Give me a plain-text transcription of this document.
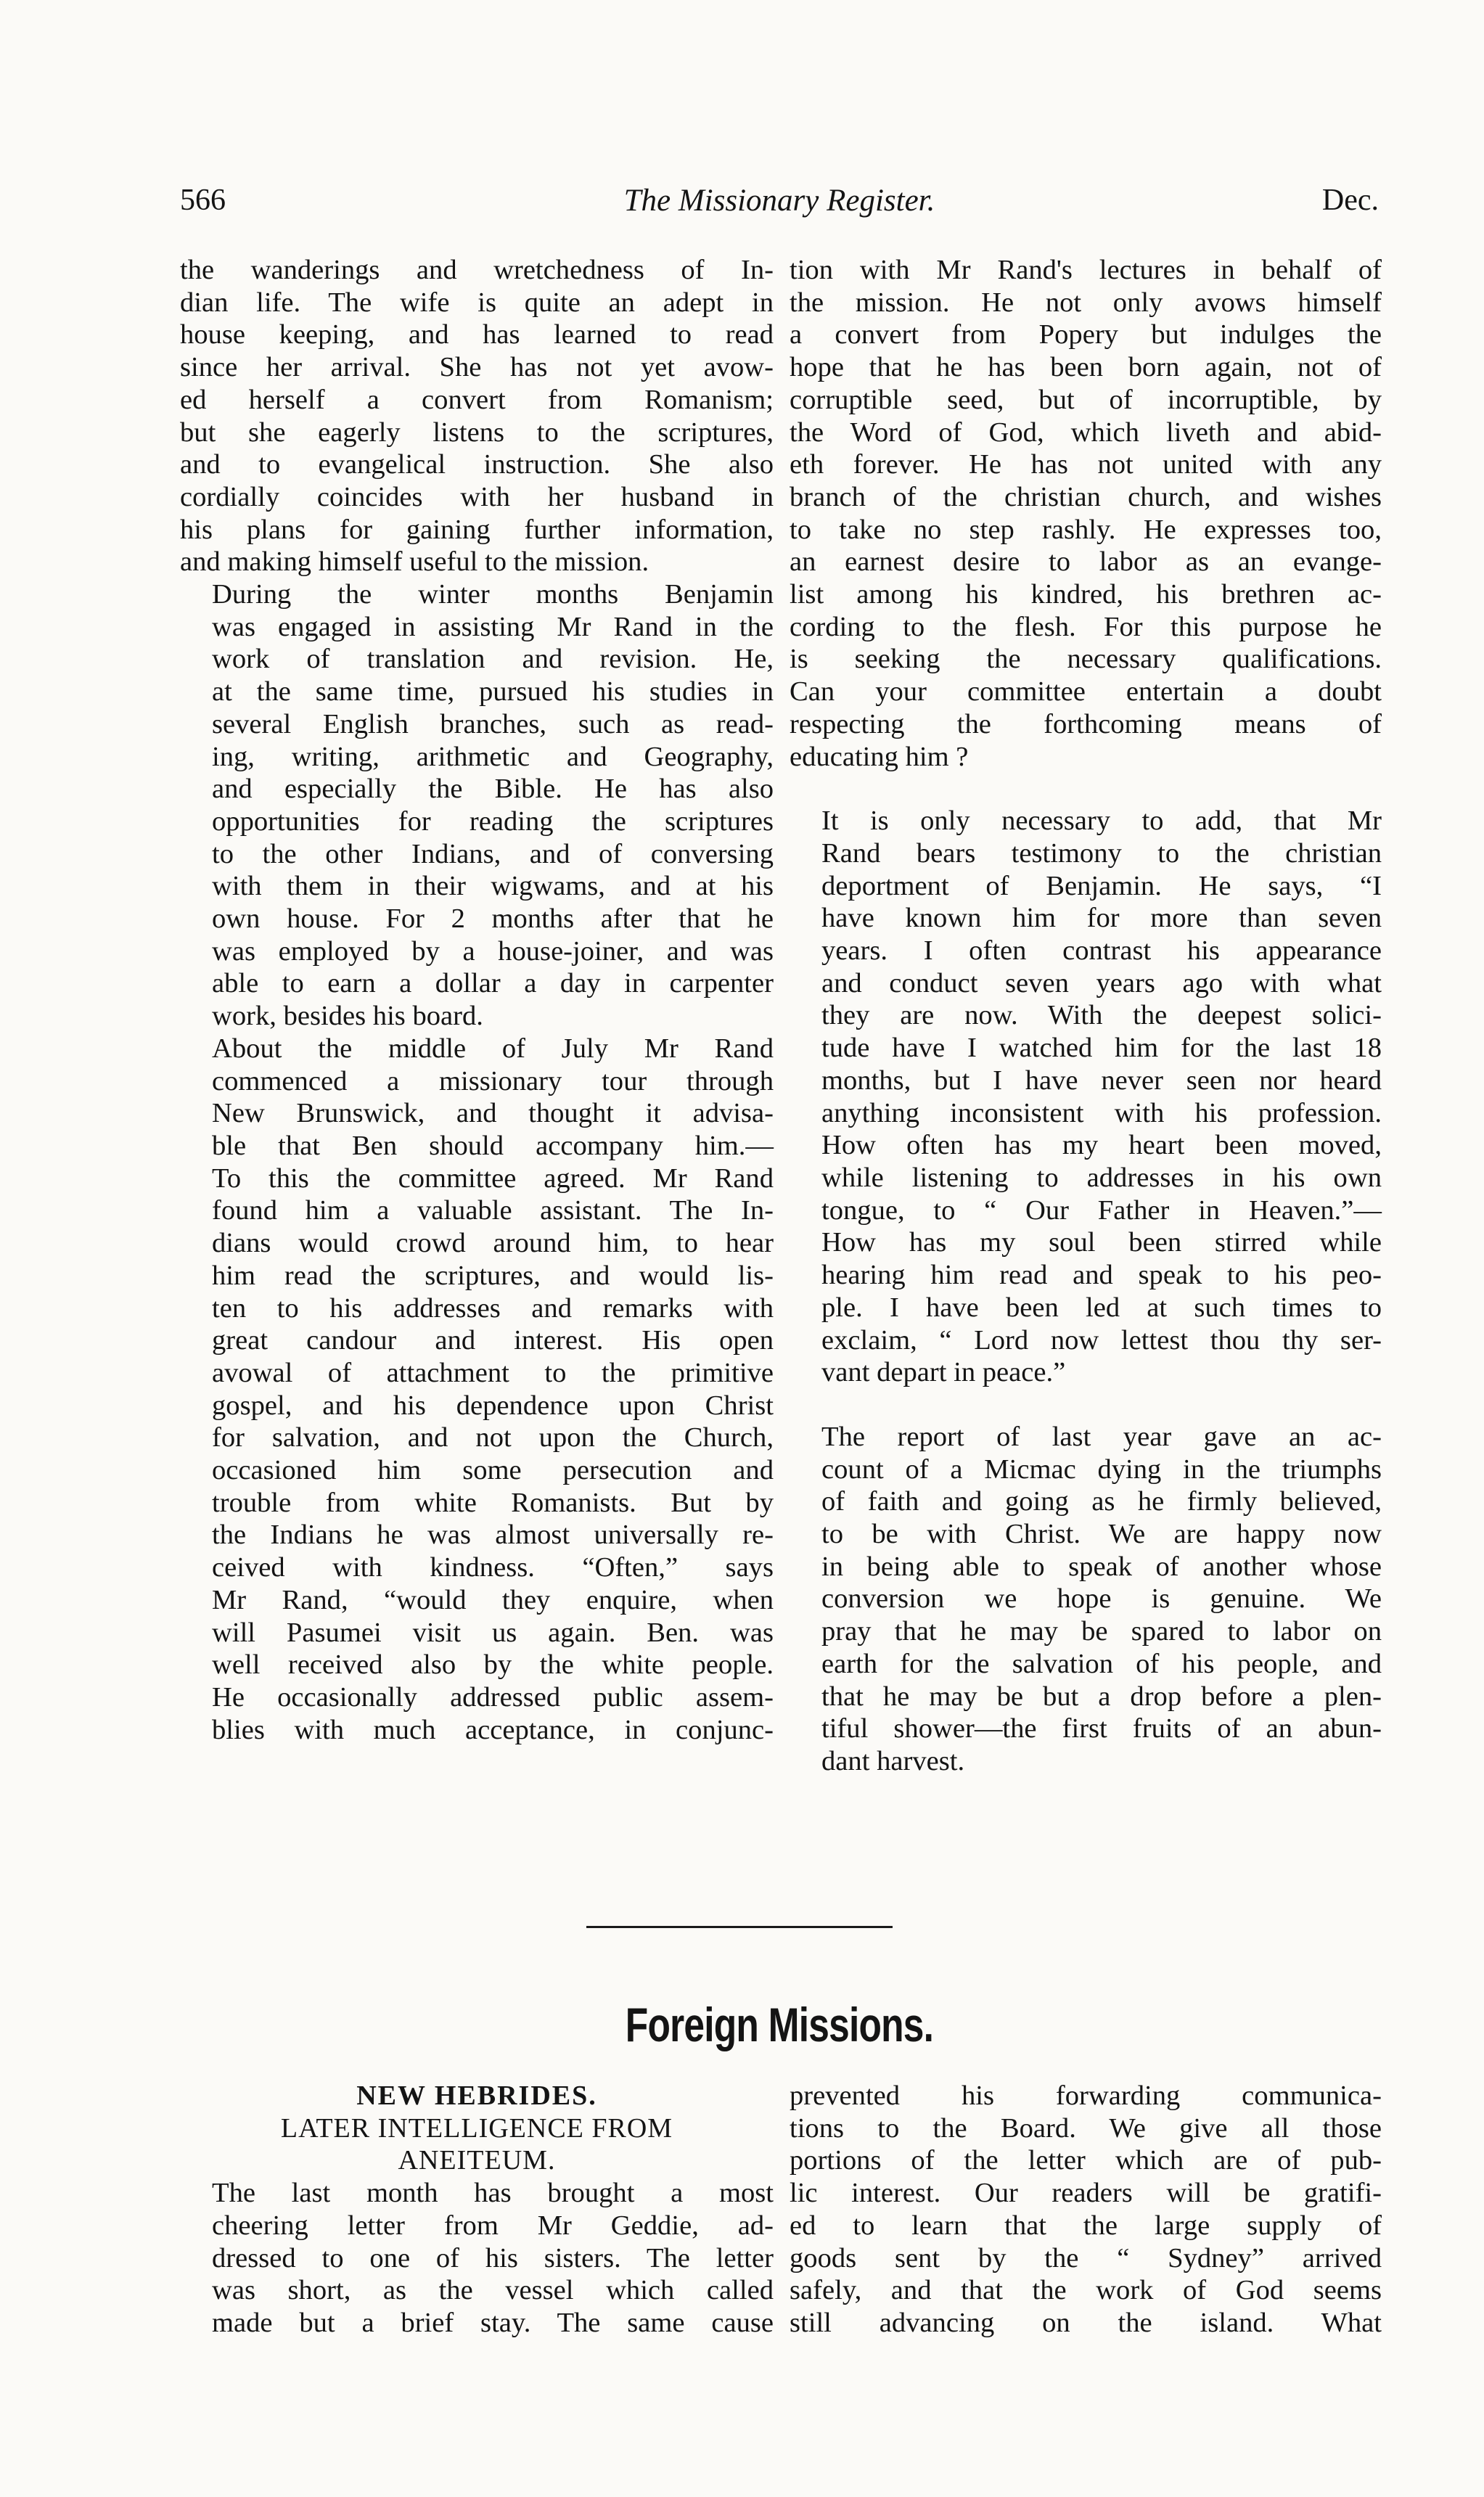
566	The Missionary Register.	Dec.

the wanderings and wretchedness of In-
dian life. The wife is quite an adept in
house keeping, and has learned to read
since her arrival. She has not yet avow-
ed herself a convert from Romanism;
but she eagerly listens to the scriptures,
and to evangelical instruction. She also
cordially coincides with her husband in
his plans for gaining further information,
and making himself useful to the mission.

During the winter months Benjamin
was engaged in assisting Mr Rand in the
work of translation and revision. He,
at the same time, pursued his studies in
several English branches, such as read-
ing, writing, arithmetic and Geography,
and especially the Bible. He has also
opportunities for reading the scriptures
to the other Indians, and of conversing
with them in their wigwams, and at his
own house. For 2 months after that he
was employed by a house-joiner, and was
able to earn a dollar a day in carpenter
work, besides his board.

About the middle of July Mr Rand
commenced a missionary tour through
New Brunswick, and thought it advisa-
ble that Ben should accompany him.—
To this the committee agreed. Mr Rand
found him a valuable assistant. The In-
dians would crowd around him, to hear
him read the scriptures, and would lis-
ten to his addresses and remarks with
great candour and interest. His open
avowal of attachment to the primitive
gospel, and his dependence upon Christ
for salvation, and not upon the Church,
occasioned him some persecution and
trouble from white Romanists. But by
the Indians he was almost universally re-
ceived with kindness. “Often,” says
Mr Rand, “would they enquire, when
will Pasumei visit us again. Ben. was
well received also by the white people.
He occasionally addressed public assem-
blies with much acceptance, in conjunc-

tion with Mr Rand's lectures in behalf of
the mission. He not only avows himself
a convert from Popery but indulges the
hope that he has been born again, not of
corruptible seed, but of incorruptible, by
the Word of God, which liveth and abid-
eth forever. He has not united with any
branch of the christian church, and wishes
to take no step rashly. He expresses too,
an earnest desire to labor as an evange-
list among his kindred, his brethren ac-
cording to the flesh. For this purpose he
is seeking the necessary qualifications.
Can your committee entertain a doubt
respecting the forthcoming means of
educating him ?

It is only necessary to add, that Mr
Rand bears testimony to the christian
deportment of Benjamin. He says, “I
have known him for more than seven
years. I often contrast his appearance
and conduct seven years ago with what
they are now. With the deepest solici-
tude have I watched him for the last 18
months, but I have never seen nor heard
anything inconsistent with his profession.
How often has my heart been moved,
while listening to addresses in his own
tongue, to “ Our Father in Heaven.”—
How has my soul been stirred while
hearing him read and speak to his peo-
ple. I have been led at such times to
exclaim, “ Lord now lettest thou thy ser-
vant depart in peace.”

The report of last year gave an ac-
count of a Micmac dying in the triumphs
of faith and going as he firmly believed,
to be with Christ. We are happy now
in being able to speak of another whose
conversion we hope is genuine. We
pray that he may be spared to labor on
earth for the salvation of his people, and
that he may be but a drop before a plen-
tiful shower—the first fruits of an abun-
dant harvest.

Foreign Missions.
NEW HEBRIDES.
LATER INTELLIGENCE FROM
ANEITEUM.

The last month has brought a most
cheering letter from Mr Geddie, ad-
dressed to one of his sisters. The letter
was short, as the vessel which called
made but a brief stay. The same cause

prevented his forwarding communica-
tions to the Board. We give all those
portions of the letter which are of pub-
lic interest. Our readers will be gratifi-
ed to learn that the large supply of
goods sent by the “ Sydney” arrived
safely, and that the work of God seems
still advancing on the island. What
